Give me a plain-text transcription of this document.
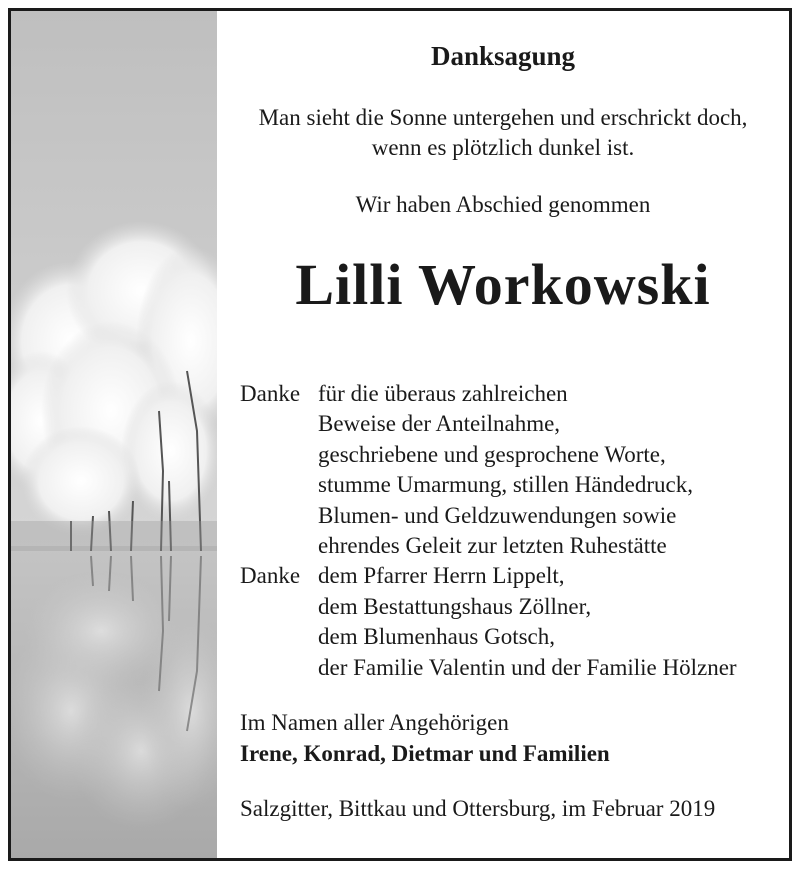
Danksagung
Man sieht die Sonne untergehen und erschrickt doch,
wenn es plötzlich dunkel ist.
Wir haben Abschied genommen
Lilli Workowski
Danke für die überaus zahlreichen
Beweise der Anteilnahme,
geschriebene und gesprochene Worte,
stumme Umarmung, stillen Händedruck,
Blumen- und Geldzuwendungen sowie
ehrendes Geleit zur letzten Ruhestätte
Danke dem Pfarrer Herrn Lippelt,
dem Bestattungshaus Zöllner,
dem Blumenhaus Gotsch,
der Familie Valentin und der Familie Hölzner
Im Namen aller Angehörigen
Irene, Konrad, Dietmar und Familien
Salzgitter, Bittkau und Ottersburg, im Februar 2019
